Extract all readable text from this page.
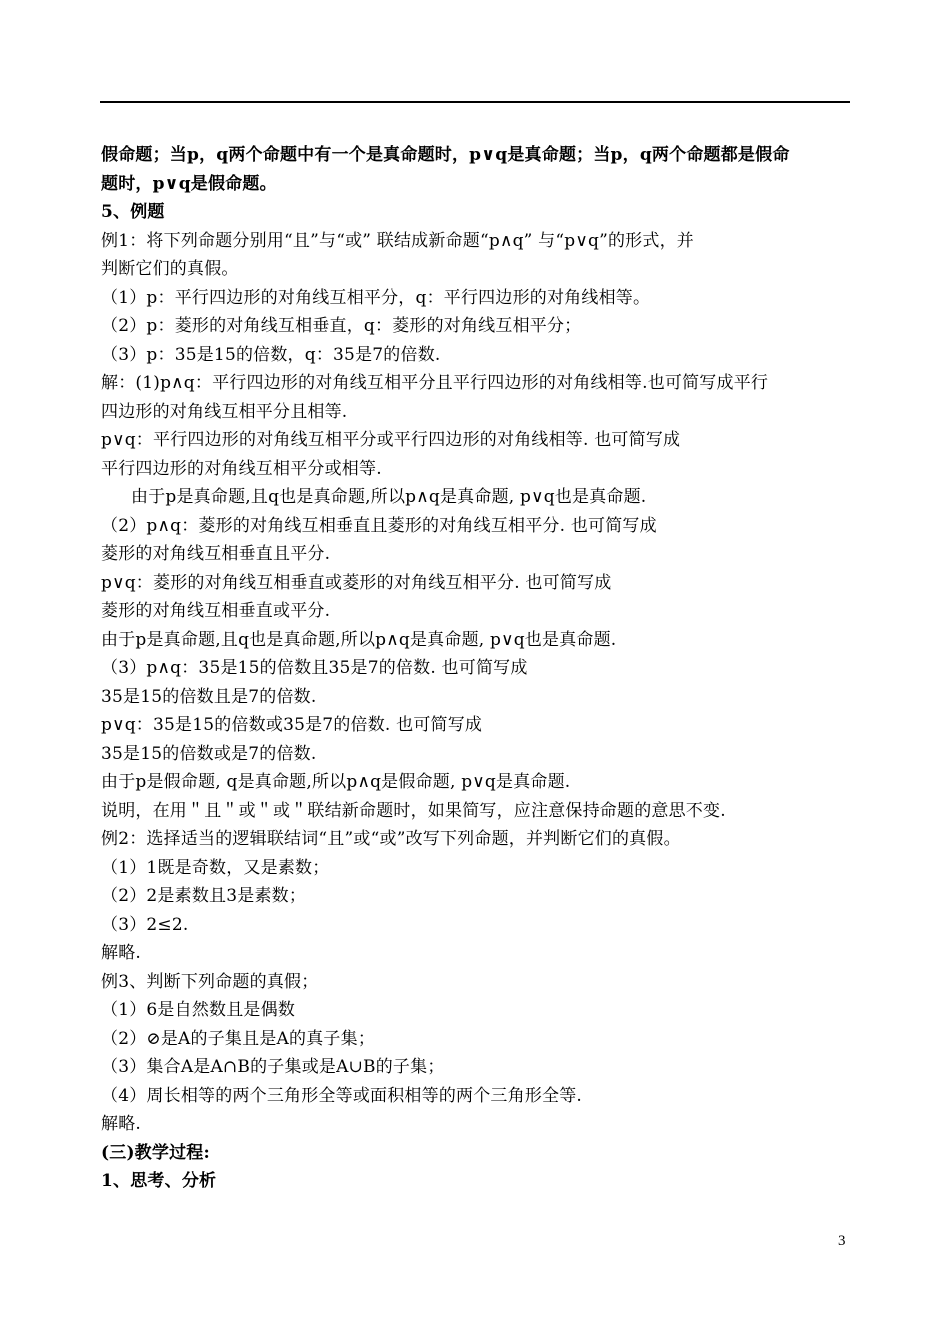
假命题；当p，q两个命题中有一个是真命题时，p∨q是真命题；当p，q两个命题都是假命
题时，p∨q是假命题。
5、例题
例1：将下列命题分别用“且”与“或” 联结成新命题“p∧q” 与“p∨q”的形式，并
判断它们的真假。
（1）p：平行四边形的对角线互相平分，q：平行四边形的对角线相等。
（2）p：菱形的对角线互相垂直，q：菱形的对角线互相平分；
（3）p：35是15的倍数，q：35是7的倍数.
解：(1)p∧q：平行四边形的对角线互相平分且平行四边形的对角线相等.也可简写成平行
四边形的对角线互相平分且相等.
p∨q：平行四边形的对角线互相平分或平行四边形的对角线相等. 也可简写成
平行四边形的对角线互相平分或相等.
由于p是真命题,且q也是真命题,所以p∧q是真命题, p∨q也是真命题.
（2）p∧q：菱形的对角线互相垂直且菱形的对角线互相平分. 也可简写成
菱形的对角线互相垂直且平分.
p∨q：菱形的对角线互相垂直或菱形的对角线互相平分. 也可简写成
菱形的对角线互相垂直或平分.
由于p是真命题,且q也是真命题,所以p∧q是真命题, p∨q也是真命题.
（3）p∧q：35是15的倍数且35是7的倍数. 也可简写成
35是15的倍数且是7的倍数.
p∨q：35是15的倍数或35是7的倍数. 也可简写成
35是15的倍数或是7的倍数.
由于p是假命题, q是真命题,所以p∧q是假命题, p∨q是真命题.
说明，在用＂且＂或＂或＂联结新命题时，如果简写，应注意保持命题的意思不变.
例2：选择适当的逻辑联结词“且”或“或”改写下列命题，并判断它们的真假。
（1）1既是奇数，又是素数；
（2）2是素数且3是素数；
（3）2≤2.
解略.
例3、判断下列命题的真假；
（1）6是自然数且是偶数
（2）⊘是A的子集且是A的真子集；
（3）集合A是A∩B的子集或是A∪B的子集；
（4）周长相等的两个三角形全等或面积相等的两个三角形全等.
解略.
(三)教学过程:
1、思考、分析
3
